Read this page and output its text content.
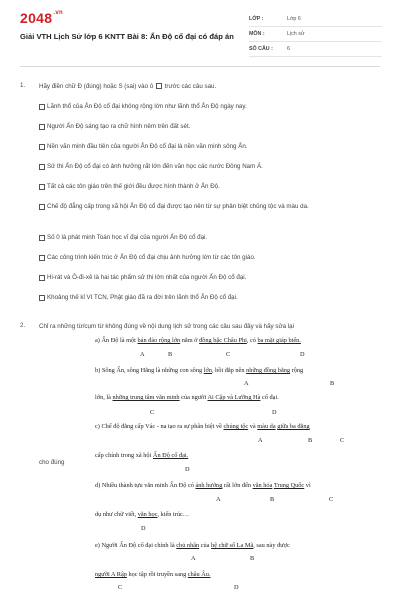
$2048^{.vn}$
Giải VTH Lịch Sử lớp 6 KNTT Bài 8: Ấn Độ cổ đại có đáp án
LỚP :	Lớp 6
MÔN :	Lịch sử
SỐ CÂU :	6
1. Hãy điền chữ Đ (đúng) hoặc S (sai) vào ô trước các câu sau.
Lãnh thổ của Ấn Độ cổ đại không rộng lớn như lãnh thổ Ấn Độ ngày nay.
Người Ấn Độ sáng tạo ra chữ hình nêm trên đất sét.
Nền văn minh đầu tiên của người Ấn Độ cổ đại là nền văn minh sông Ấn.
Sử thi Ấn Độ cổ đại có ảnh hưởng rất lớn đến văn học các nước Đông Nam Á.
Tất cả các tôn giáo trên thế giới đều được hình thành ở Ấn Độ.
Chế độ đẳng cấp trong xã hội Ấn Độ cổ đại được tạo nên từ sự phân biệt chủng tộc và màu da.
Số 0 là phát minh Toán học vĩ đại của người Ấn Độ cổ đại.
Các công trình kiến trúc ở Ấn Độ cổ đại chịu ảnh hưởng lớn từ các tôn giáo.
Hi-rát và Ô-đi-xê là hai tác phẩm sử thi lớn nhất của người Ấn Độ cổ đại.
Khoảng thế kỉ VI TCN, Phật giáo đã ra đời trên lãnh thổ Ấn Độ cổ đại.
2. Chỉ ra những từ/cụm từ không đúng về nội dung lịch sử trong các câu sau đây và hãy sửa lại
a) Ấn Độ là một bán đảo rộng lớn nằm ở đồng bặc Châu Phi, có ba mặt giáp biển.
A	B	C	D
b) Sông Ấn, sông Hằng là những con sông lớn, bồi đắp nên những đồng bằng rộng
A
lớn, là những trung tâm văn minh của người Ai Cập và Lưỡng Hà cổ đại.
C	D
B
c) Chế độ đẳng cấp Vác - na tạo ra sự phân biệt về chủng tộc và màu da giữa ba đẳng
A	B	C
cho đúng
cấp chính trong xã hội Ấn Độ cổ đại.
D
d) Nhiều thành tựu văn minh Ấn Độ có ảnh hưởng rất lớn đến văn hóa Trung Quốc vì
A	B	C
dụ như chữ viết, văn học, kiến trúc…
D
e) Người Ấn Độ cổ đại chính là chủ nhân của hệ chữ số La Mã, sau này được
A	B
người A Rập học tập rồi truyền sang châu Âu.
C	D
